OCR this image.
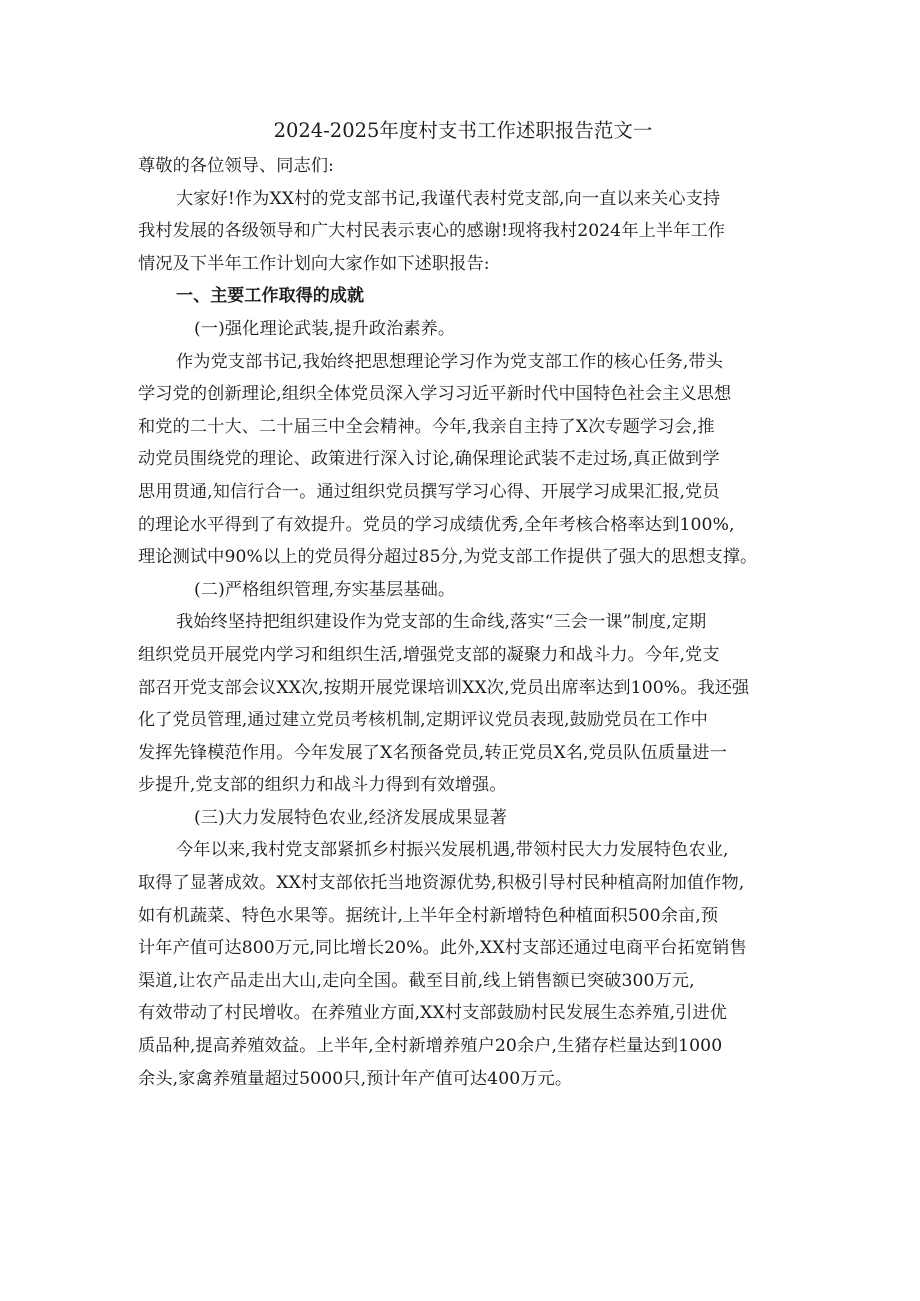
2024-2025年度村支书工作述职报告范文一
尊敬的各位领导、同志们:
大家好!作为XX村的党支部书记,我谨代表村党支部,向一直以来关心支持
我村发展的各级领导和广大村民表示衷心的感谢!现将我村2024年上半年工作
情况及下半年工作计划向大家作如下述职报告:
一、主要工作取得的成就
(一)强化理论武装,提升政治素养。
作为党支部书记,我始终把思想理论学习作为党支部工作的核心任务,带头
学习党的创新理论,组织全体党员深入学习习近平新时代中国特色社会主义思想
和党的二十大、二十届三中全会精神。今年,我亲自主持了X次专题学习会,推
动党员围绕党的理论、政策进行深入讨论,确保理论武装不走过场,真正做到学
思用贯通,知信行合一。通过组织党员撰写学习心得、开展学习成果汇报,党员
的理论水平得到了有效提升。党员的学习成绩优秀,全年考核合格率达到100%,
理论测试中90%以上的党员得分超过85分,为党支部工作提供了强大的思想支撑。
(二)严格组织管理,夯实基层基础。
我始终坚持把组织建设作为党支部的生命线,落实“三会一课”制度,定期
组织党员开展党内学习和组织生活,增强党支部的凝聚力和战斗力。今年,党支
部召开党支部会议XX次,按期开展党课培训XX次,党员出席率达到100%。我还强
化了党员管理,通过建立党员考核机制,定期评议党员表现,鼓励党员在工作中
发挥先锋模范作用。今年发展了X名预备党员,转正党员X名,党员队伍质量进一
步提升,党支部的组织力和战斗力得到有效增强。
(三)大力发展特色农业,经济发展成果显著
今年以来,我村党支部紧抓乡村振兴发展机遇,带领村民大力发展特色农业,
取得了显著成效。XX村支部依托当地资源优势,积极引导村民种植高附加值作物,
如有机蔬菜、特色水果等。据统计,上半年全村新增特色种植面积500余亩,预
计年产值可达800万元,同比增长20%。此外,XX村支部还通过电商平台拓宽销售
渠道,让农产品走出大山,走向全国。截至目前,线上销售额已突破300万元,
有效带动了村民增收。在养殖业方面,XX村支部鼓励村民发展生态养殖,引进优
质品种,提高养殖效益。上半年,全村新增养殖户20余户,生猪存栏量达到1000
余头,家禽养殖量超过5000只,预计年产值可达400万元。
